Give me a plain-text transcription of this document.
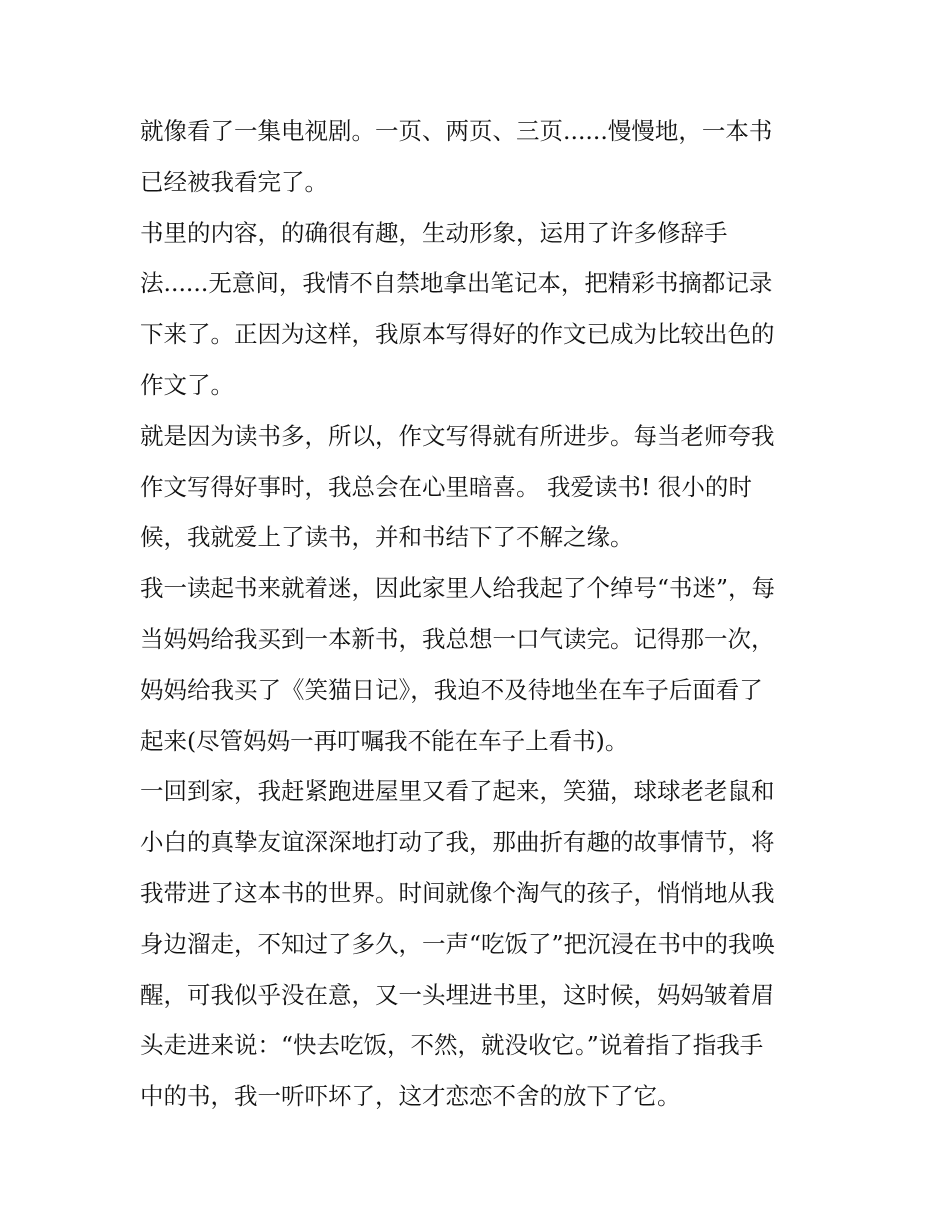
就像看了一集电视剧。一页、两页、三页......慢慢地，一本书
已经被我看完了。
书里的内容，的确很有趣，生动形象，运用了许多修辞手
法......无意间，我情不自禁地拿出笔记本，把精彩书摘都记录
下来了。正因为这样，我原本写得好的作文已成为比较出色的
作文了。
就是因为读书多，所以，作文写得就有所进步。每当老师夸我
作文写得好事时，我总会在心里暗喜。 我爱读书! 很小的时
候，我就爱上了读书，并和书结下了不解之缘。
我一读起书来就着迷，因此家里人给我起了个绰号“书迷”，每
当妈妈给我买到一本新书，我总想一口气读完。记得那一次，
妈妈给我买了《笑猫日记》，我迫不及待地坐在车子后面看了
起来(尽管妈妈一再叮嘱我不能在车子上看书)。
一回到家，我赶紧跑进屋里又看了起来，笑猫，球球老老鼠和
小白的真挚友谊深深地打动了我，那曲折有趣的故事情节，将
我带进了这本书的世界。时间就像个淘气的孩子，悄悄地从我
身边溜走，不知过了多久，一声“吃饭了”把沉浸在书中的我唤
醒，可我似乎没在意，又一头埋进书里，这时候，妈妈皱着眉
头走进来说：“快去吃饭，不然，就没收它。”说着指了指我手
中的书，我一听吓坏了，这才恋恋不舍的放下了它。
